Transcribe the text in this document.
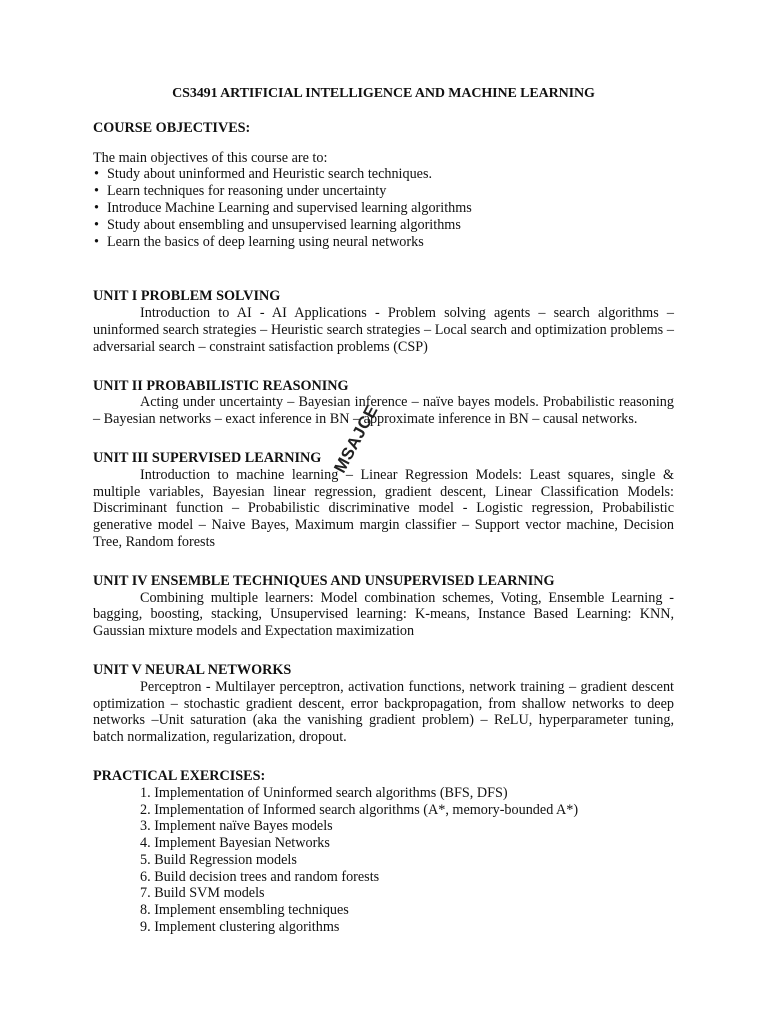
CS3491 ARTIFICIAL INTELLIGENCE AND MACHINE LEARNING
COURSE OBJECTIVES:
The main objectives of this course are to:
• Study about uninformed and Heuristic search techniques.
• Learn techniques for reasoning under uncertainty
• Introduce Machine Learning and supervised learning algorithms
• Study about ensembling and unsupervised learning algorithms
• Learn the basics of deep learning using neural networks
UNIT I PROBLEM SOLVING

Introduction to AI - AI Applications - Problem solving agents – search algorithms – uninformed search strategies – Heuristic search strategies – Local search and optimization problems – adversarial search – constraint satisfaction problems (CSP)

UNIT II PROBABILISTIC REASONING

Acting under uncertainty – Bayesian inference – naïve bayes models. Probabilistic reasoning – Bayesian networks – exact inference in BN – approximate inference in BN – causal networks.

UNIT III SUPERVISED LEARNING

Introduction to machine learning – Linear Regression Models: Least squares, single & multiple variables, Bayesian linear regression, gradient descent, Linear Classification Models: Discriminant function – Probabilistic discriminative model - Logistic regression, Probabilistic generative model – Naive Bayes, Maximum margin classifier – Support vector machine, Decision Tree, Random forests

UNIT IV ENSEMBLE TECHNIQUES AND UNSUPERVISED LEARNING

Combining multiple learners: Model combination schemes, Voting, Ensemble Learning - bagging, boosting, stacking, Unsupervised learning: K-means, Instance Based Learning: KNN, Gaussian mixture models and Expectation maximization

UNIT V NEURAL NETWORKS

Perceptron - Multilayer perceptron, activation functions, network training – gradient descent optimization – stochastic gradient descent, error backpropagation, from shallow networks to deep networks –Unit saturation (aka the vanishing gradient problem) – ReLU, hyperparameter tuning, batch normalization, regularization, dropout.

PRACTICAL EXERCISES:
1. Implementation of Uninformed search algorithms (BFS, DFS)
2. Implementation of Informed search algorithms (A*, memory-bounded A*)
3. Implement naïve Bayes models
4. Implement Bayesian Networks
5. Build Regression models
6. Build decision trees and random forests
7. Build SVM models
8. Implement ensembling techniques
9. Implement clustering algorithms
MSAJCE
